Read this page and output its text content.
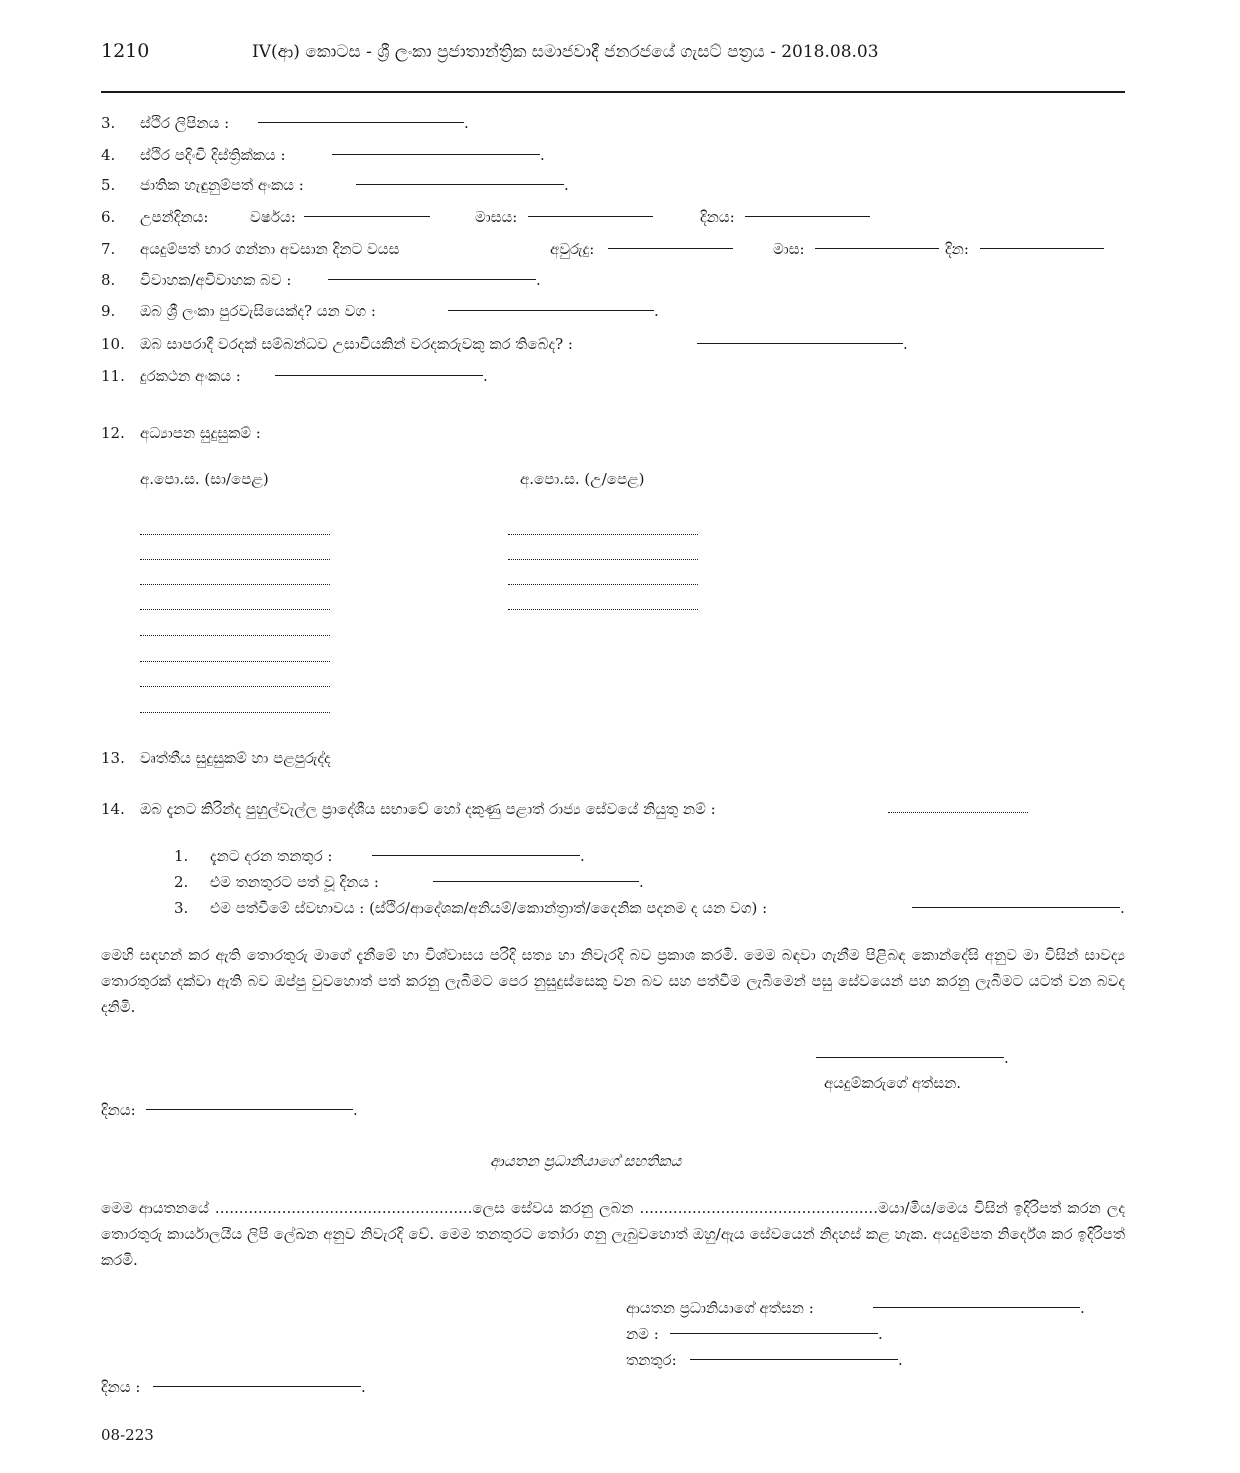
1210	IV(ආ) කොටස - ශ්‍රී ලංකා ප්‍රජාතාන්ත්‍රික සමාජවාදී ජනරජයේ ගැසට් පත්‍රය - 2018.08.03
3. ස්ථිර ලිපිනය :	.
4. ස්ථිර පදිංචි දිස්ත්‍රික්කය :	.
5. ජාතික හැඳුනුම්පත් අංකය :	.
6. උපන්දිනය:	වර්ෂය:	මාසය:	දිනය:
7. අයදුම්පත් භාර ගන්නා අවසාන දිනට වයස	අවුරුදු:	මාස:	දින:
8. විවාහක/අවිවාහක බව :	.
9. ඔබ ශ්‍රී ලංකා පුරවැසියෙක්ද? යන වග :	.
10. ඔබ සාපරාදී වරදක් සම්බන්ධව උසාවියකින් වරදකරුවකු කර තිබේද? :	.
11. දුරකථන අංකය :	.
12. අධ්‍යාපන සුදුසුකම් :
අ.පො.ස. (සා/පෙළ)	අ.පො.ස. (උ/පෙළ)
13. වෘත්තීය සුදුසුකම් හා පළපුරුද්ද
14. ඔබ දැනට කිරින්ද පුහුල්වැල්ල ප්‍රාදේශීය සභාවේ හෝ දකුණු පළාත් රාජ්‍ය සේවයේ නියුතු නම් :
1. දැනට දරන තනතුර :	.
2. එම තනතුරට පත් වූ දිනය :	.
3. එම පත්වීමේ ස්වභාවය : (ස්ථිර/ආදේශක/අනියම්/කොන්ත්‍රාත්/දෛනික පදනම ද යන වග) :	.
මෙහි සඳහන් කර ඇති තොරතුරු මාගේ දැනීමේ හා විශ්වාසය පරිදි සත්‍ය හා නිවැරදි බව ප්‍රකාශ කරමි. මෙම බඳවා ගැනීම පිළිබඳ කොන්දේසි අනුව මා විසින් සාවද්‍ය තොරතුරක් දක්වා ඇති බව ඔප්පු වුවහොත් පත් කරනු ලැබීමට පෙර නුසුදුස්සෙකු වන බව සහ පත්වීම ලැබීමෙන් පසු සේවයෙන් පහ කරනු ලැබීමට යටත් වන බවද දනිමි.
.
අයදුම්කරුගේ අත්සන.
දිනය:	.
ආයතන ප්‍රධානියාගේ සහතිකය
මෙම ආයතනයේ ......................................................ලෙස සේවය කරනු ලබන ..................................................මයා/මිය/මෙය විසින් ඉදිරිපත් කරන ලද තොරතුරු කාර්යාලයීය ලිපි ලේඛන අනුව නිවැරදි වේ. මෙම තනතුරට තෝරා ගනු ලැබුවහොත් ඔහු/ඇය සේවයෙන් නිදහස් කළ හැක. අයදුම්පත නිර්දේශ කර ඉදිරිපත් කරමි.
ආයතන ප්‍රධානියාගේ අත්සන :	.
නම :	.
තනතුර:	.
දිනය :	.
08-223
